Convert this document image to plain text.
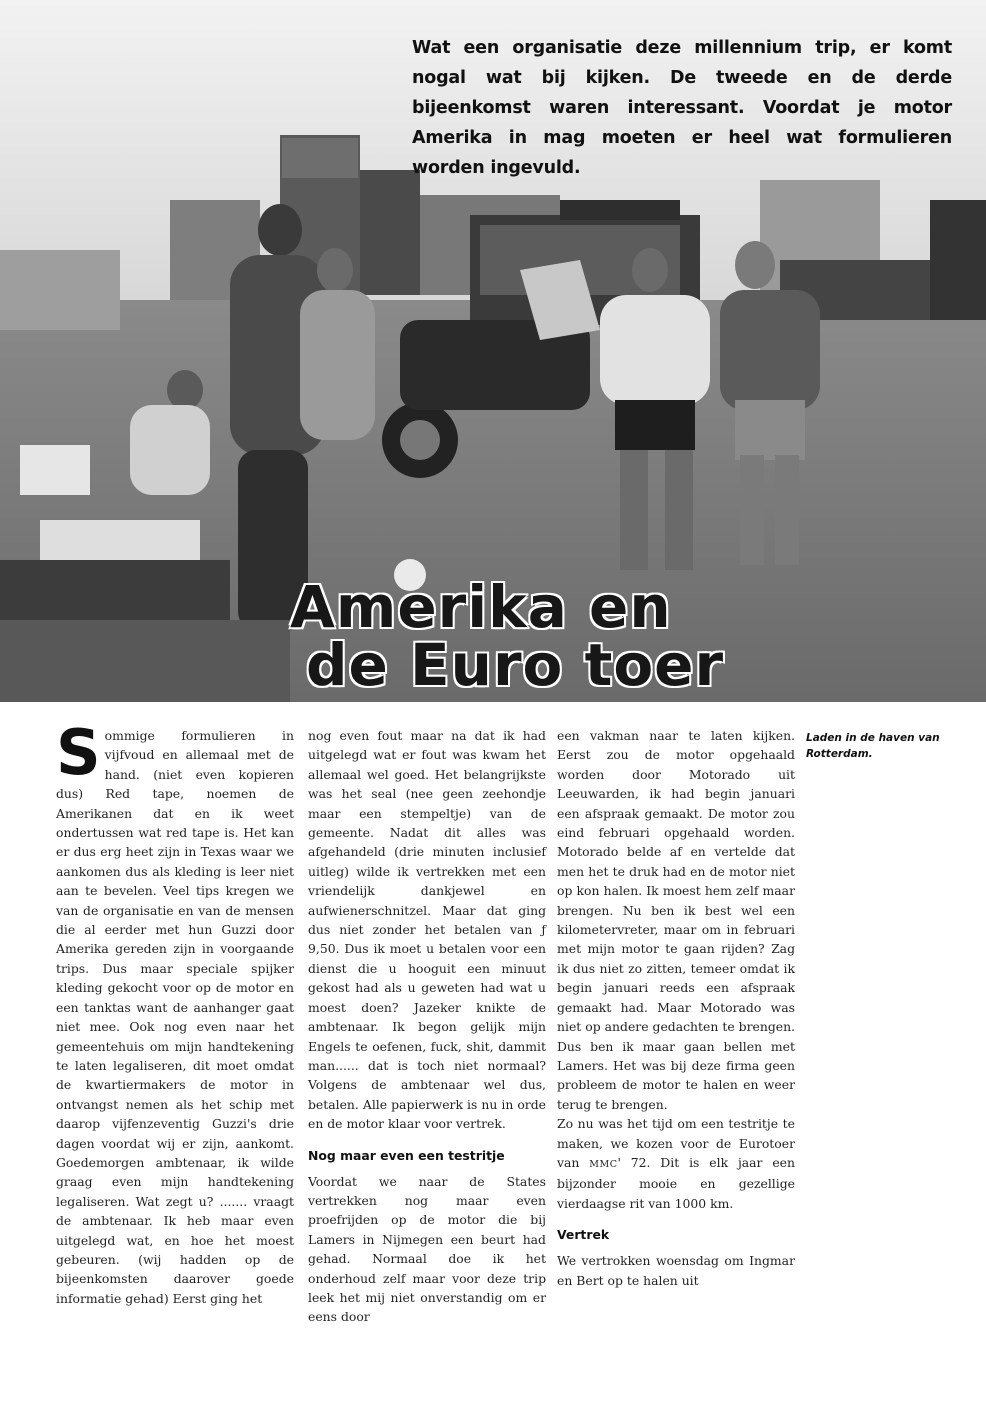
Wat een organisatie deze millennium trip, er komt nogal wat bij kijken. De tweede en de derde bijeenkomst waren interessant. Voordat je motor Amerika in mag moeten er heel wat formulieren worden ingevuld.

Amerika en
de Euro toer

Sommige formulieren in vijfvoud en allemaal met de hand. (niet even kopieren dus) Red tape, noemen de Amerikanen dat en ik weet ondertussen wat red tape is. Het kan er dus erg heet zijn in Texas waar we aankomen dus als kleding is leer niet aan te bevelen. Veel tips kregen we van de organisatie en van de mensen die al eerder met hun Guzzi door Amerika gereden zijn in voorgaande trips. Dus maar speciale spijker kleding gekocht voor op de motor en een tanktas want de aanhanger gaat niet mee. Ook nog even naar het gemeentehuis om mijn handtekening te laten legaliseren, dit moet omdat de kwartiermakers de motor in ontvangst nemen als het schip met daarop vijfenzeventig Guzzi's drie dagen voordat wij er zijn, aankomt. Goedemorgen ambtenaar, ik wilde graag even mijn handtekening legaliseren. Wat zegt u? ....... vraagt de ambtenaar. Ik heb maar even uitgelegd wat, en hoe het moest gebeuren. (wij hadden op de bijeenkomsten daarover goede informatie gehad) Eerst ging het

nog even fout maar na dat ik had uitgelegd wat er fout was kwam het allemaal wel goed. Het belangrijkste was het seal (nee geen zeehondje maar een stempeltje) van de gemeente. Nadat dit alles was afgehandeld (drie minuten inclusief uitleg) wilde ik vertrekken met een vriendelijk dankjewel en aufwienerschnitzel. Maar dat ging dus niet zonder het betalen van ƒ 9,50. Dus ik moet u betalen voor een dienst die u hooguit een minuut gekost had als u geweten had wat u moest doen? Jazeker knikte de ambtenaar. Ik begon gelijk mijn Engels te oefenen, fuck, shit, dammit man...... dat is toch niet normaal? Volgens de ambtenaar wel dus, betalen. Alle papierwerk is nu in orde en de motor klaar voor vertrek.

Nog maar even een testritje

Voordat we naar de States vertrekken nog maar even proefrijden op de motor die bij Lamers in Nijmegen een beurt had gehad. Normaal doe ik het onderhoud zelf maar voor deze trip leek het mij niet onverstandig om er eens door

een vakman naar te laten kijken. Eerst zou de motor opgehaald worden door Motorado uit Leeuwarden, ik had begin januari een afspraak gemaakt. De motor zou eind februari opgehaald worden. Motorado belde af en vertelde dat men het te druk had en de motor niet op kon halen. Ik moest hem zelf maar brengen. Nu ben ik best wel een kilometervreter, maar om in februari met mijn motor te gaan rijden? Zag ik dus niet zo zitten, temeer omdat ik begin januari reeds een afspraak gemaakt had. Maar Motorado was niet op andere gedachten te brengen. Dus ben ik maar gaan bellen met Lamers. Het was bij deze firma geen probleem de motor te halen en weer terug te brengen.

Zo nu was het tijd om een testritje te maken, we kozen voor de Eurotoer van MMC' 72. Dit is elk jaar een bijzonder mooie en gezellige vierdaagse rit van 1000 km.

Vertrek

We vertrokken woensdag om Ingmar en Bert op te halen uit

Laden in de haven van Rotterdam.
